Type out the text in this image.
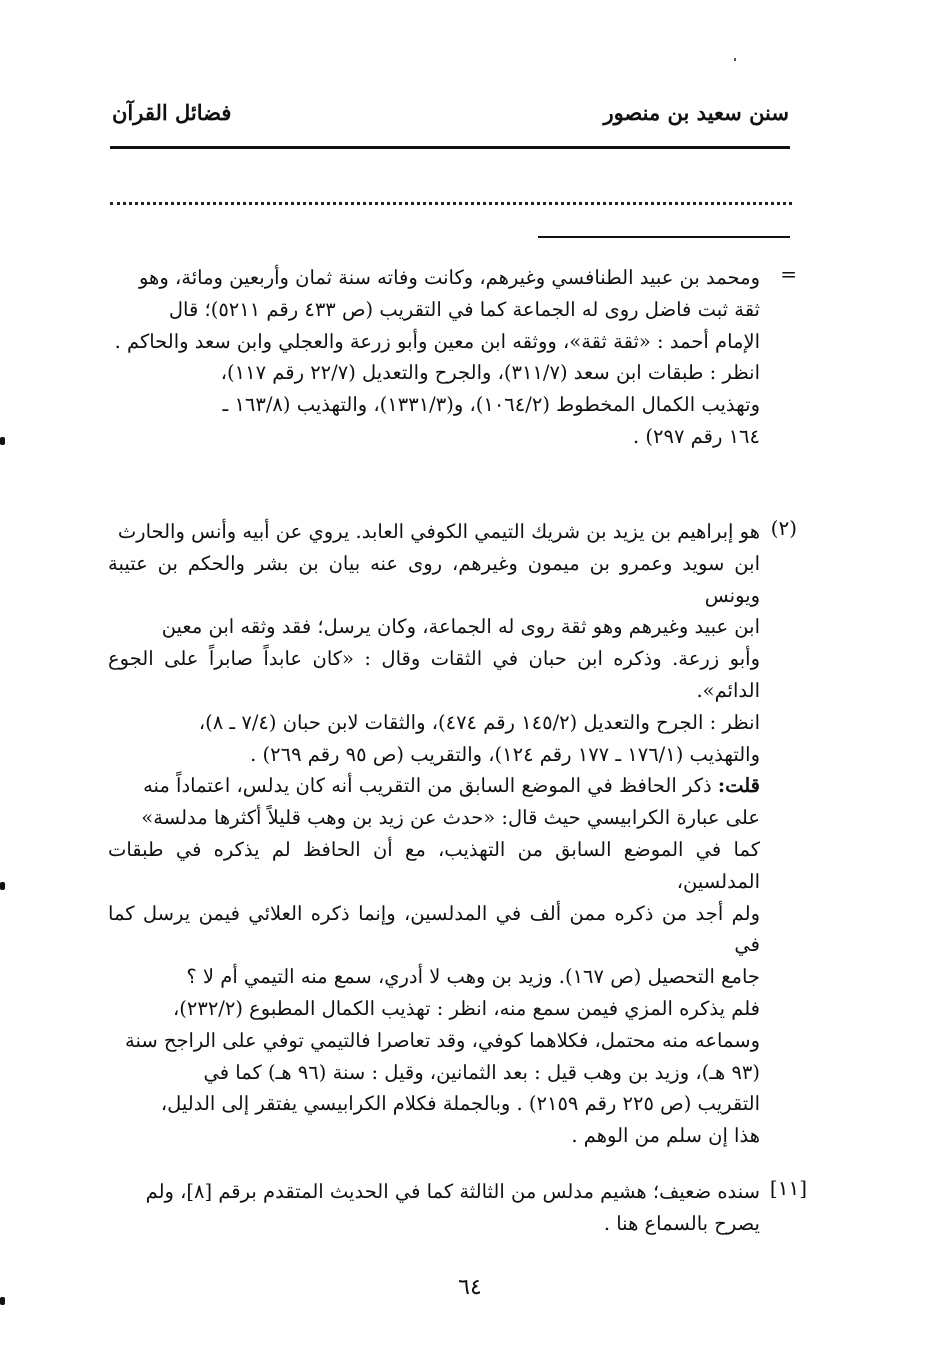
سنن سعيد بن منصور
فضائل القرآن
=

ومحمد بن عبيد الطنافسي وغيرهم، وكانت وفاته سنة ثمان وأربعين ومائة، وهو

ثقة ثبت فاضل روى له الجماعة كما في التقريب (ص ٤٣٣ رقم ٥٢١١)؛ قال

الإمام أحمد : «ثقة ثقة»، ووثقه ابن معين وأبو زرعة والعجلي وابن سعد والحاكم .

انظر : طبقات ابن سعد (٣١١/٧)، والجرح والتعديل (٢٢/٧ رقم ١١٧)،

وتهذيب الكمال المخطوط (١٠٦٤/٢)، و(١٣٣١/٣)، والتهذيب (١٦٣/٨ ـ

١٦٤ رقم ٢٩٧) .

(٢)

هو إبراهيم بن يزيد بن شريك التيمي الكوفي العابد. يروي عن أبيه وأنس والحارث

ابن سويد وعمرو بن ميمون وغيرهم، روى عنه بيان بن بشر والحكم بن عتيبة ويونس

ابن عبيد وغيرهم وهو ثقة روى له الجماعة، وكان يرسل؛ فقد وثقه ابن معين

وأبو زرعة. وذكره ابن حبان في الثقات وقال : «كان عابداً صابراً على الجوع الدائم».

انظر : الجرح والتعديل (١٤٥/٢ رقم ٤٧٤)، والثقات لابن حبان (٧/٤ ـ ٨)،

والتهذيب (١٧٦/١ ـ ١٧٧ رقم ١٢٤)، والتقريب (ص ٩٥ رقم ٢٦٩) .

قلت: ذكر الحافظ في الموضع السابق من التقريب أنه كان يدلس، اعتماداً منه

على عبارة الكرابيسي حيث قال: «حدث عن زيد بن وهب قليلاً أكثرها مدلسة»

كما في الموضع السابق من التهذيب، مع أن الحافظ لم يذكره في طبقات المدلسين،

ولم أجد من ذكره ممن ألف في المدلسين، وإنما ذكره العلائي فيمن يرسل كما في

جامع التحصيل (ص ١٦٧). وزيد بن وهب لا أدري، سمع منه التيمي أم لا ؟

فلم يذكره المزي فيمن سمع منه، انظر : تهذيب الكمال المطبوع (٢٣٢/٢)،

وسماعه منه محتمل، فكلاهما كوفي، وقد تعاصرا فالتيمي توفي على الراجح سنة

(٩٣ هـ)، وزيد بن وهب قيل : بعد الثمانين، وقيل : سنة (٩٦ هـ) كما في

التقريب (ص ٢٢٥ رقم ٢١٥٩) . وبالجملة فكلام الكرابيسي يفتقر إلى الدليل،

هذا إن سلم من الوهم .

[١١]

سنده ضعيف؛ هشيم مدلس من الثالثة كما في الحديث المتقدم برقم [٨]، ولم

يصرح بالسماع هنا .

٦٤
